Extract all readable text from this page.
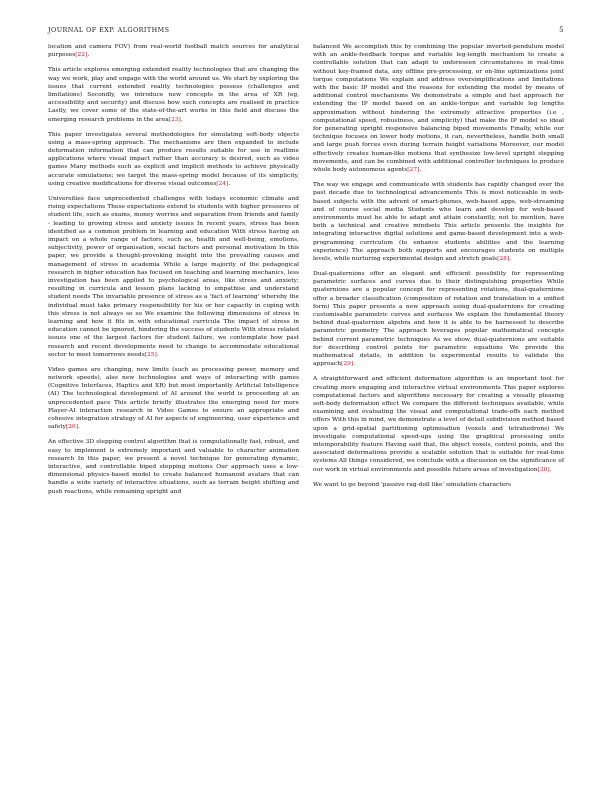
JOURNAL OF EXP. ALGORITHMS	5

location and camera FOV) from real-world football match sources for analytical purposes[22].

This article explores emerging extended reality technologies that are changing the way we work, play and engage with the world around us. We start by exploring the issues that current extended reality technologies possess (challenges and limitations) Secondly, we introduce new concepts in the area of XR (eg, accessibility and security) and discuss how such concepts are realised in practice Lastly, we cover some of the state-of-the-art works in this field and discuss the emerging research problems in the area[23].

This paper investigates several methodologies for simulating soft-body objects using a mass-spring approach. The mechanisms are then expanded to include deformation information that can produce results suitable for use in realtime applications where visual impact rather than accuracy is desired, such as video games Many methods such as explicit and implicit methods to achieve physically accurate simulations; we target the mass-spring model because of its simplicity, using creative modifications for diverse visual outcomes[24].

Universities face unprecedented challenges with todays economic climate and rising expectations These expectations extend to students with higher pressures of student life, such as exams, money worries and separation from friends and family - leading to growing stress and anxiety issues In recent years, stress has been identified as a common problem in learning and education With stress having an impact on a whole range of factors, such as, health and well-being, emotions, subjectivity, power of organisation, social factors and personal motivation In this paper, we provide a thought-provoking insight into the prevailing causes and management of stress in academia While a large majority of the pedagogical research in higher education has focused on teaching and learning mechanics, less investigation has been applied to psychological areas, like stress and anxiety; resulting in curricula and lesson plans lacking to empathise and understand student needs The invariable presence of stress as a 'fact of learning' whereby the individual must take primary responsibility for his or her capacity in coping with this stress is not always so so We examine the following dimensions of stress in learning and how it fits in with educational curricula The impact of stress in education cannot be ignored, hindering the success of students With stress related issues one of the largest factors for student failure, we contemplate how past research and recent developments need to change to accommodate educational sector to meet tomorrows needs[25].

Video games are changing, new limits (such as processing power, memory and network speeds), also new technologies and ways of interacting with games (Cognitive Interfaces, Haptics and XR) but most importantly Artificial Intelligence (AI) The technological development of AI around the world is proceeding at an unprecedented pace This article briefly illustrates the emerging need for more Player-AI interaction research in Video Games to ensure an appropriate and cohesive integration strategy of AI for aspects of engineering, user experience and safety[26].

An effective 3D stepping control algorithm that is computationally fast, robust, and easy to implement is extremely important and valuable to character animation research In this paper, we present a novel technique for generating dynamic, interactive, and controllable biped stepping motions Our approach uses a low-dimensional physics-based model to create balanced humanoid avatars that can handle a wide variety of interactive situations, such as terrain height shifting and push reactions, while remaining upright and

balanced We accomplish this by combining the popular inverted-pendulum model with an ankle-feedback torque and variable leg-length mechanism to create a controllable solution that can adapt to unforeseen circumstances in real-time without key-framed data, any offline pre-processing, or on-line optimizations joint torque computations We explain and address oversimplifications and limitations with the basic IP model and the reasons for extending the model by means of additional control mechanisms We demonstrate a simple and fast approach for extending the IP model based on an ankle-torque and variable leg lengths approximation without hindering the extremely attractive properties (i.e , computational speed, robustness, and simplicity) that make the IP model so ideal for generating upright responsive balancing biped movements Finally, while our technique focuses on lower body motions, it can, nevertheless, handle both small and large push forces even during terrain height variations Moreover, our model effectively creates human-like motions that synthesize low-level upright stepping movements, and can be combined with additional controller techniques to produce whole body autonomous agents[27].

The way we engage and communicate with students has rapidly changed over the past decade due to technological advancements This is most noticeable in web-based subjects with the advent of smart-phones, web-based apps, web-streaming and of course social media Students who learn and develop for web-based environments must be able to adapt and attain constantly, not to mention, have both a technical and creative mindsets This article presents the insights for integrating interactive digital solutions and game-based development into a web-programming curriculum (to enhance students abilities and the learning experience) The approach both supports and encourages students on multiple levels, while nurturing experimental design and stretch goals[28].

Dual-quaternions offer an elegant and efficient possibility for representing parametric surfaces and curves due to their distinguishing properties While quaternions are a popular concept for representing rotations, dual-quaternions offer a broader classification (composition of rotation and translation in a unified form) This paper presents a new approach using dual-quaternions for creating customisable parametric curves and surfaces We explain the fundamental theory behind dual-quaternion algebra and how it is able to be harnessed to describe parametric geometry The approach leverages popular mathematical concepts behind current parametric techniques As we show, dual-quaternions are suitable for describing control points for parametric equations We provide the mathematical details, in addition to experimental results to validate the approach[29].

A straightforward and efficient deformation algorithm is an important tool for creating more engaging and interactive virtual environments This paper explores computational factors and algorithms necessary for creating a visually pleasing soft-body deformation effect We compare the different techniques available, while examining and evaluating the visual and computational trade-offs each method offers With this in mind, we demonstrate a level of detail subdivision method based upon a grid-spatial partitioning optimisation (voxels and tetrahedrons) We investigate computational speed-ups using the graphical processing units intemporability feature Having said that, the object voxels, control points, and the associated deformations provide a scalable solution that is suitable for real-time systems All things considered, we conclude with a discussion on the significance of our work in virtual environments and possible future areas of investigation[30].

We want to go beyond 'passive rag-doll like' simulation characters
